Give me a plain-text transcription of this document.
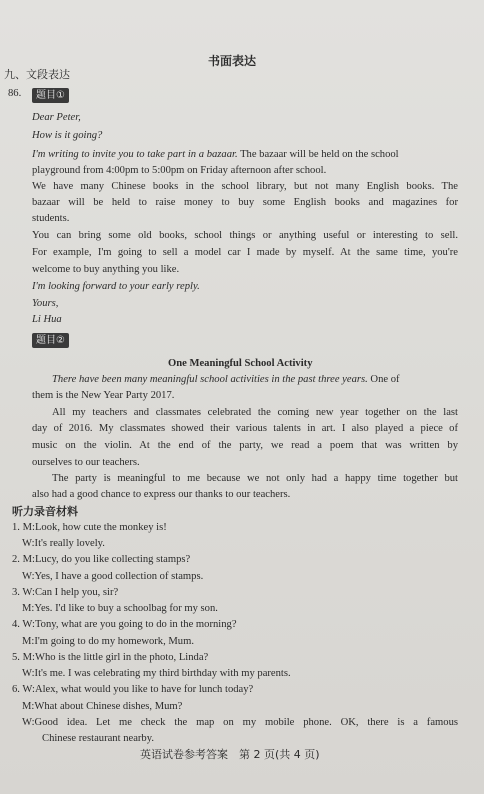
书面表达
九、文段表达
86.	题目①
Dear Peter,
How is it going?
I'm writing to invite you to take part in a bazaar. The bazaar will be held on the school
playground from 4:00pm to 5:00pm on Friday afternoon after school.
We have many Chinese books in the school library, but not many English books. The
bazaar will be held to raise money to buy some English books and magazines for
students.
You can bring some old books, school things or anything useful or interesting to sell.
For example, I'm going to sell a model car I made by myself. At the same time, you're
welcome to buy anything you like.
I'm looking forward to your early reply.
Yours,
Li Hua
题目②
One Meaningful School Activity
There have been many meaningful school activities in the past three years. One of
them is the New Year Party 2017.
All my teachers and classmates celebrated the coming new year together on the last
day of 2016. My classmates showed their various talents in art. I also played a piece of
music on the violin. At the end of the party, we read a poem that was written by
ourselves to our teachers.
The party is meaningful to me because we not only had a happy time together but
also had a good chance to express our thanks to our teachers.
听力录音材料
1. M:Look, how cute the monkey is!
W:It's really lovely.
2. M:Lucy, do you like collecting stamps?
W:Yes, I have a good collection of stamps.
3. W:Can I help you, sir?
M:Yes. I'd like to buy a schoolbag for my son.
4. W:Tony, what are you going to do in the morning?
M:I'm going to do my homework, Mum.
5. M:Who is the little girl in the photo, Linda?
W:It's me. I was celebrating my third birthday with my parents.
6. W:Alex, what would you like to have for lunch today?
M:What about Chinese dishes, Mum?
W:Good idea. Let me check the map on my mobile phone. OK, there is a famous
Chinese restaurant nearby.
英语试卷参考答案　第 2 页(共 4 页)
